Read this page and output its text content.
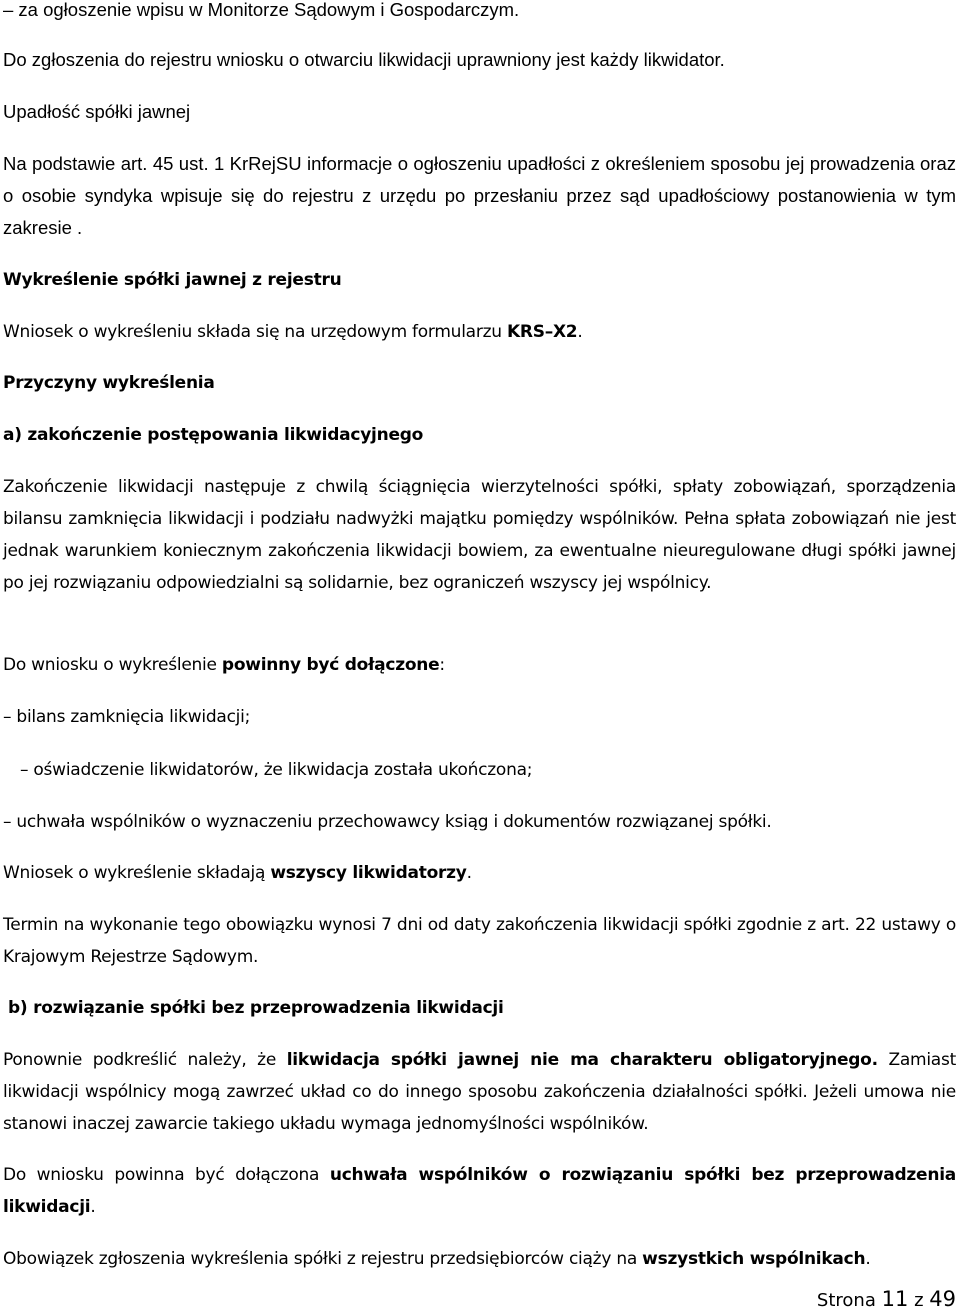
– za ogłoszenie wpisu w Monitorze Sądowym i Gospodarczym.

Do zgłoszenia do rejestru wniosku o otwarciu likwidacji uprawniony jest każdy likwidator.

Upadłość spółki jawnej

Na podstawie art. 45 ust. 1 KrRejSU informacje o ogłoszeniu upadłości z określeniem sposobu jej prowadzenia oraz o osobie syndyka wpisuje się do rejestru z urzędu po przesłaniu przez sąd upadłościowy postanowienia w tym zakresie .

Wykreślenie spółki jawnej z rejestru

Wniosek o wykreśleniu składa się na urzędowym formularzu KRS–X2.

Przyczyny wykreślenia

a) zakończenie postępowania likwidacyjnego

Zakończenie likwidacji następuje z chwilą ściągnięcia wierzytelności spółki, spłaty zobowiązań, sporządzenia bilansu zamknięcia likwidacji i podziału nadwyżki majątku pomiędzy wspólników. Pełna spłata zobowiązań nie jest jednak warunkiem koniecznym zakończenia likwidacji bowiem, za ewentualne nieuregulowane długi spółki jawnej po jej rozwiązaniu odpowiedzialni są solidarnie, bez ograniczeń wszyscy jej wspólnicy.

Do wniosku o wykreślenie powinny być dołączone:

– bilans zamknięcia likwidacji;

– oświadczenie likwidatorów, że likwidacja została ukończona;

– uchwała wspólników o wyznaczeniu przechowawcy ksiąg i dokumentów rozwiązanej spółki.

Wniosek o wykreślenie składają wszyscy likwidatorzy.

Termin na wykonanie tego obowiązku wynosi 7 dni od daty zakończenia likwidacji spółki zgodnie z art. 22 ustawy o Krajowym Rejestrze Sądowym.

b) rozwiązanie spółki bez przeprowadzenia likwidacji

Ponownie podkreślić należy, że likwidacja spółki jawnej nie ma charakteru obligatoryjnego. Zamiast likwidacji wspólnicy mogą zawrzeć układ co do innego sposobu zakończenia działalności spółki. Jeżeli umowa nie stanowi inaczej zawarcie takiego układu wymaga jednomyślności wspólników.

Do wniosku powinna być dołączona uchwała wspólników o rozwiązaniu spółki bez przeprowadzenia likwidacji.

Obowiązek zgłoszenia wykreślenia spółki z rejestru przedsiębiorców ciąży na wszystkich wspólnikach.

Strona 11 z 49
